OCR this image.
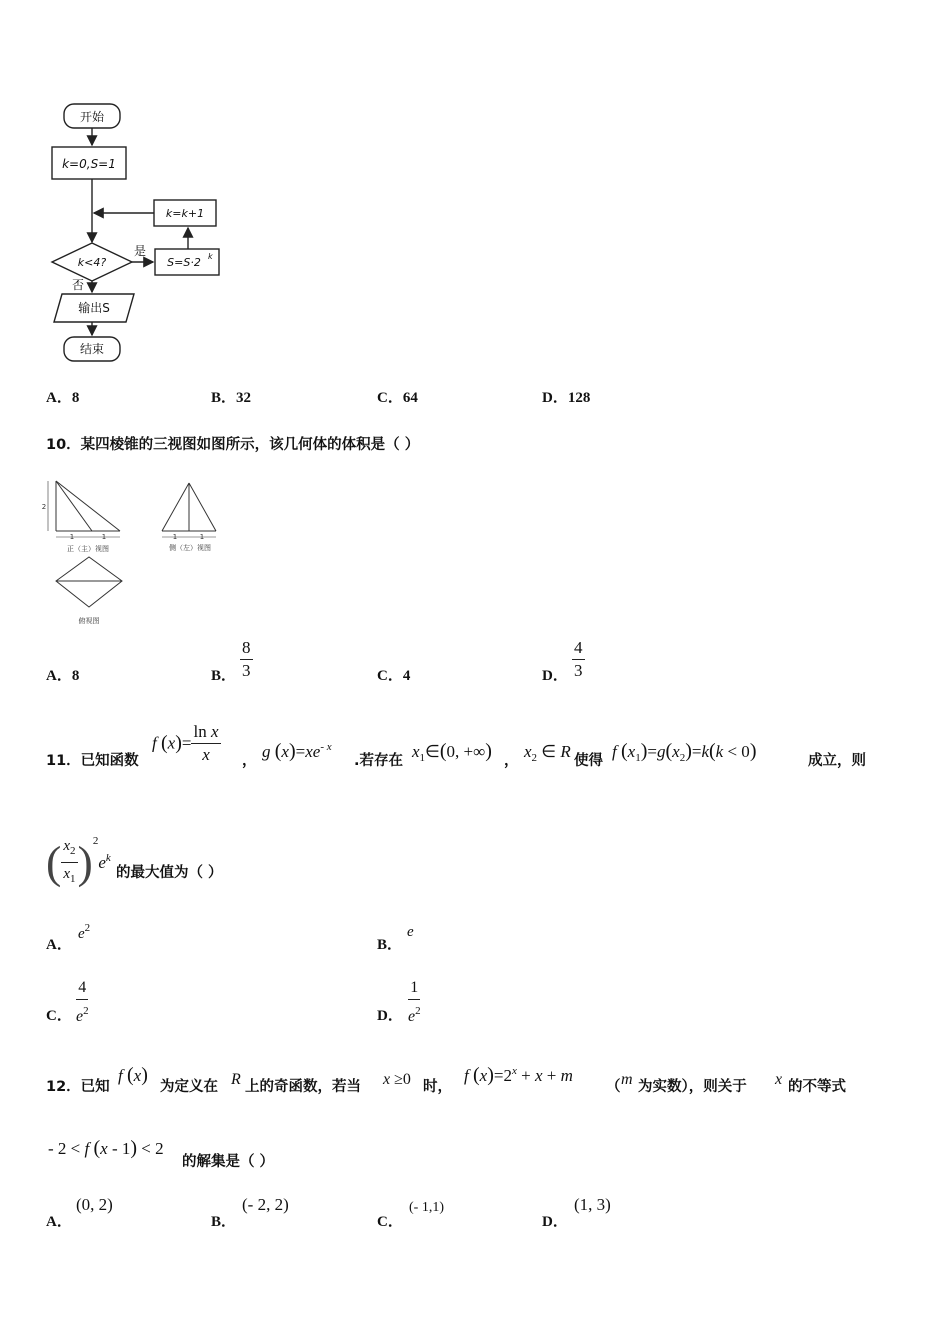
开始
k=0,S=1
k=k+1
k<4?
是
否
S=S·2 k
输出S
结束
A．8	B．32	C．64	D．128
10．某四棱锥的三视图如图所示，该几何体的体积是（ ）
2
1	1	1	1
正（主）视图	侧（左）视图
俯视图
A．8	B． $\frac{8}{3}$	C．4	D． $\frac{4}{3}$
11．已知函数
f $(x)= \frac{\text{ln x}}{x}$ ， g $(x)=xe^{- x}$
.若存在 $x_1\in(0$, +∞) ， $x_2$ ∈ R 使得 f $(x_1)=g(x_2)=k(k < 0)$	成立，则
( $\frac{x_2}{x_1} )^2e^k$
的最大值为（ ）
A．
$e^2$
B．
e
C． $\frac{4}{e^2}$	D． $\frac{1}{e^2}$
12．已知
f (x)
为定义在 R 上的奇函数，若当 x ≥0 时，
f $(x)=2^x + x + m$
（ m 为实数），则关于 x 的不等式
- 2 < f (x - 1) < 2
的解集是（ ）
A．
(0, 2)
B．
(- 2, 2)
C．
(- 1,1)
D．
(1, 3)
